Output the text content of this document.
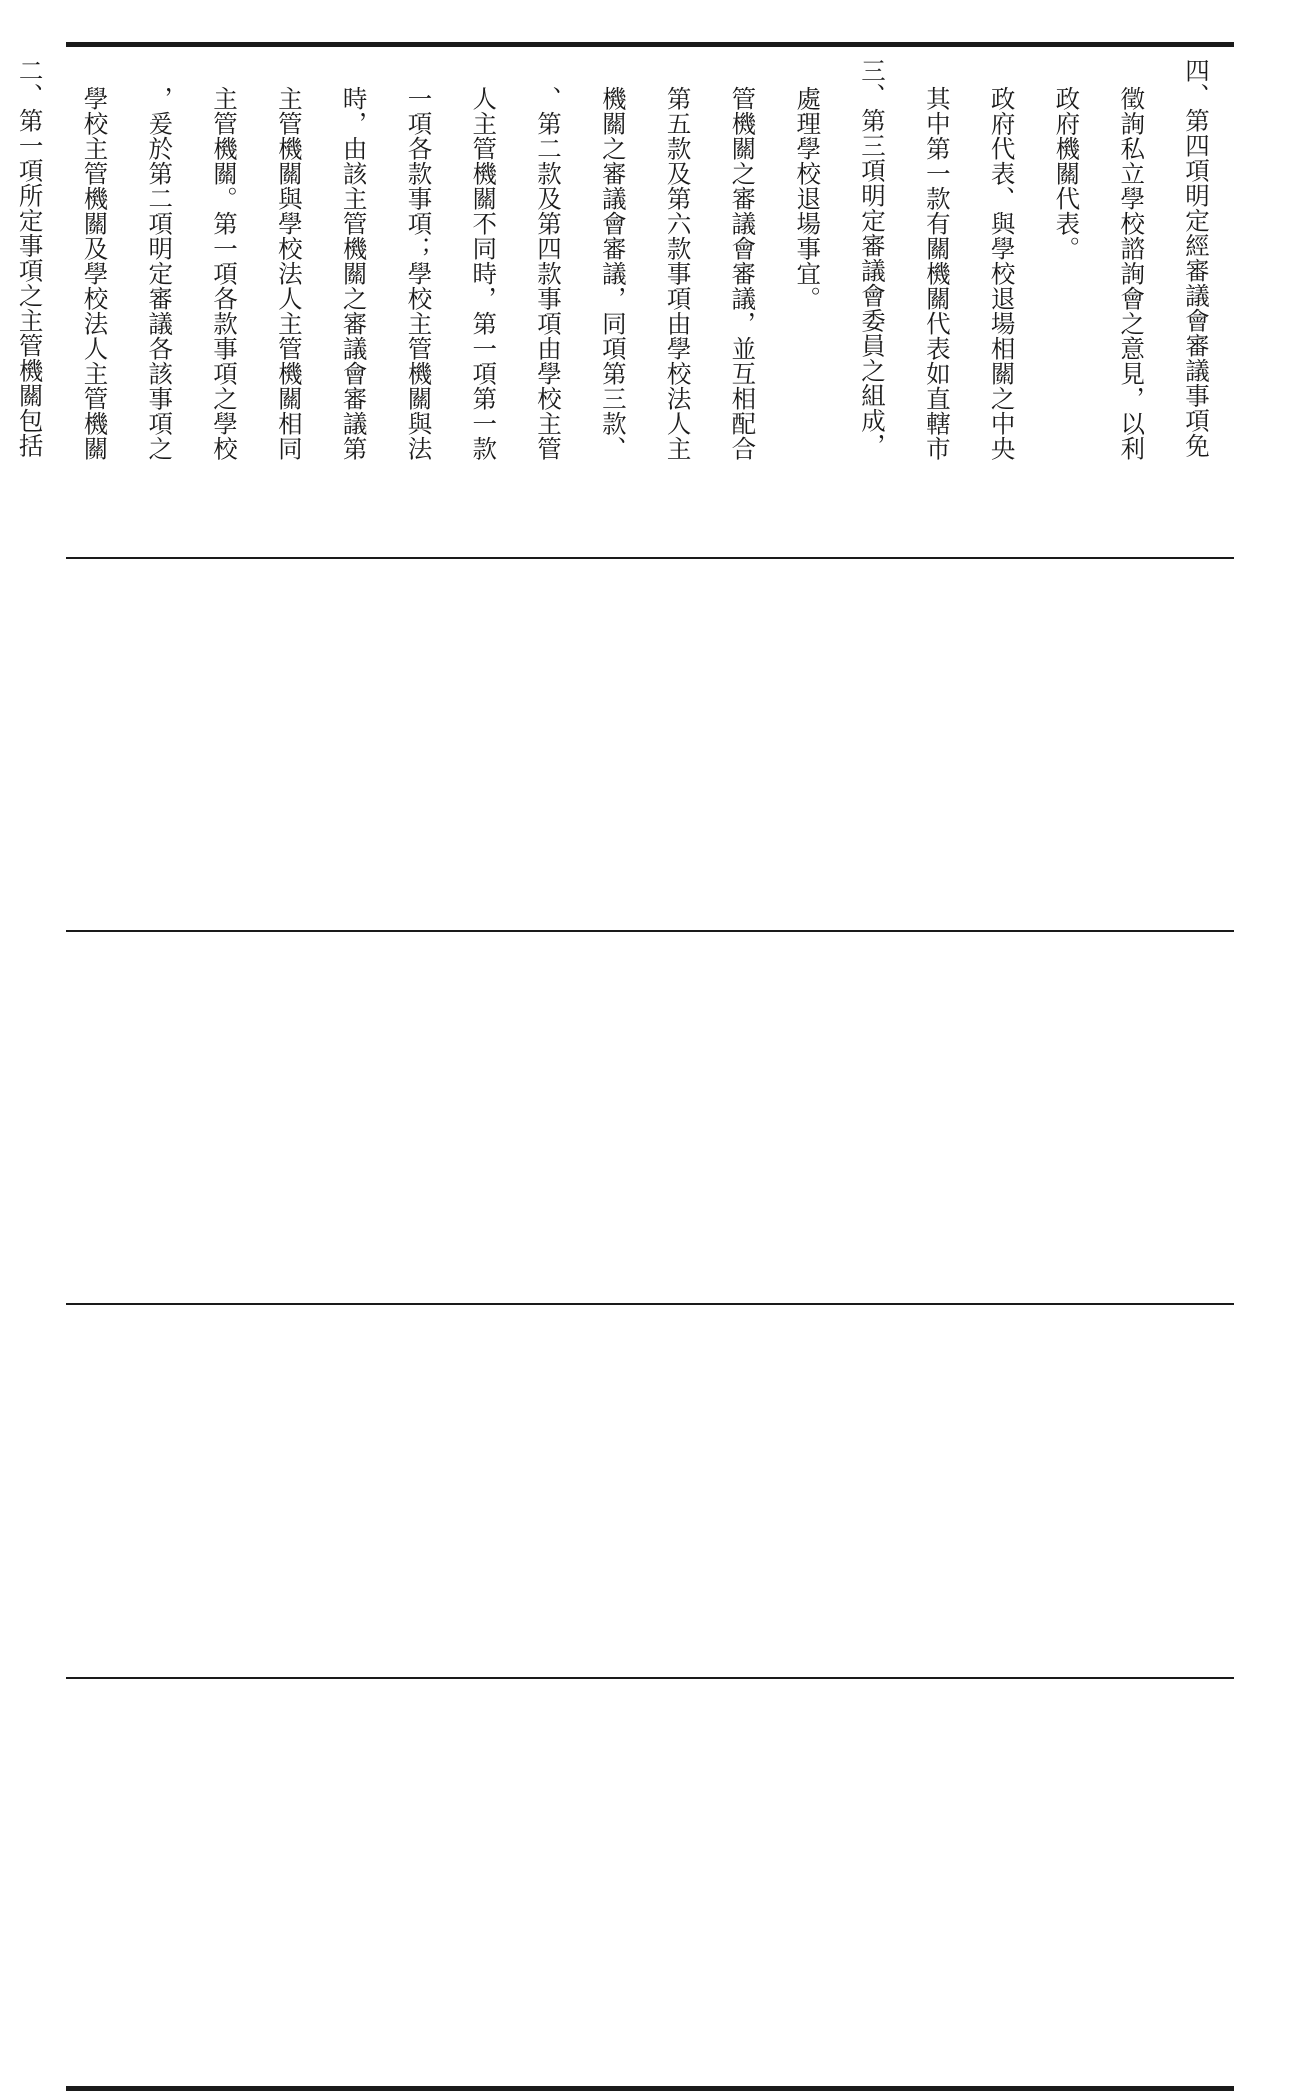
四、第四項明定經審議會審議事項免
徵詢私立學校諮詢會之意見，以利
政府機關代表。
政府代表、與學校退場相關之中央
其中第一款有關機關代表如直轄市
三、第三項明定審議會委員之組成，
處理學校退場事宜。
管機關之審議會審議，並互相配合
第五款及第六款事項由學校法人主
機關之審議會審議，同項第三款、
、第二款及第四款事項由學校主管
人主管機關不同時，第一項第一款
一項各款事項；學校主管機關與法
時，由該主管機關之審議會審議第
主管機關與學校法人主管機關相同
主管機關。第一項各款事項之學校
，爰於第二項明定審議各該事項之
學校主管機關及學校法人主管機關
二、第一項所定事項之主管機關包括
